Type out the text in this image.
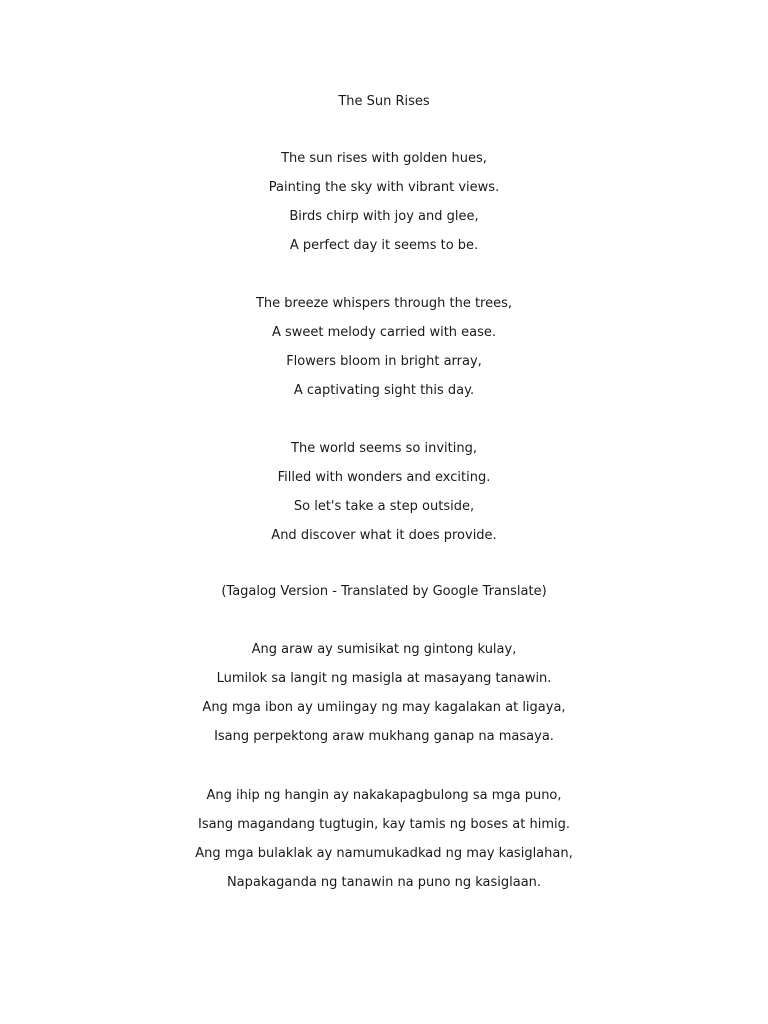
The Sun Rises
The sun rises with golden hues,
Painting the sky with vibrant views.
Birds chirp with joy and glee,
A perfect day it seems to be.
The breeze whispers through the trees,
A sweet melody carried with ease.
Flowers bloom in bright array,
A captivating sight this day.
The world seems so inviting,
Filled with wonders and exciting.
So let's take a step outside,
And discover what it does provide.

(Tagalog Version - Translated by Google Translate)

Ang araw ay sumisikat ng gintong kulay,
Lumilok sa langit ng masigla at masayang tanawin.
Ang mga ibon ay umiingay ng may kagalakan at ligaya,
Isang perpektong araw mukhang ganap na masaya.
Ang ihip ng hangin ay nakakapagbulong sa mga puno,
Isang magandang tugtugin, kay tamis ng boses at himig.
Ang mga bulaklak ay namumukadkad ng may kasiglahan,
Napakaganda ng tanawin na puno ng kasiglaan.
